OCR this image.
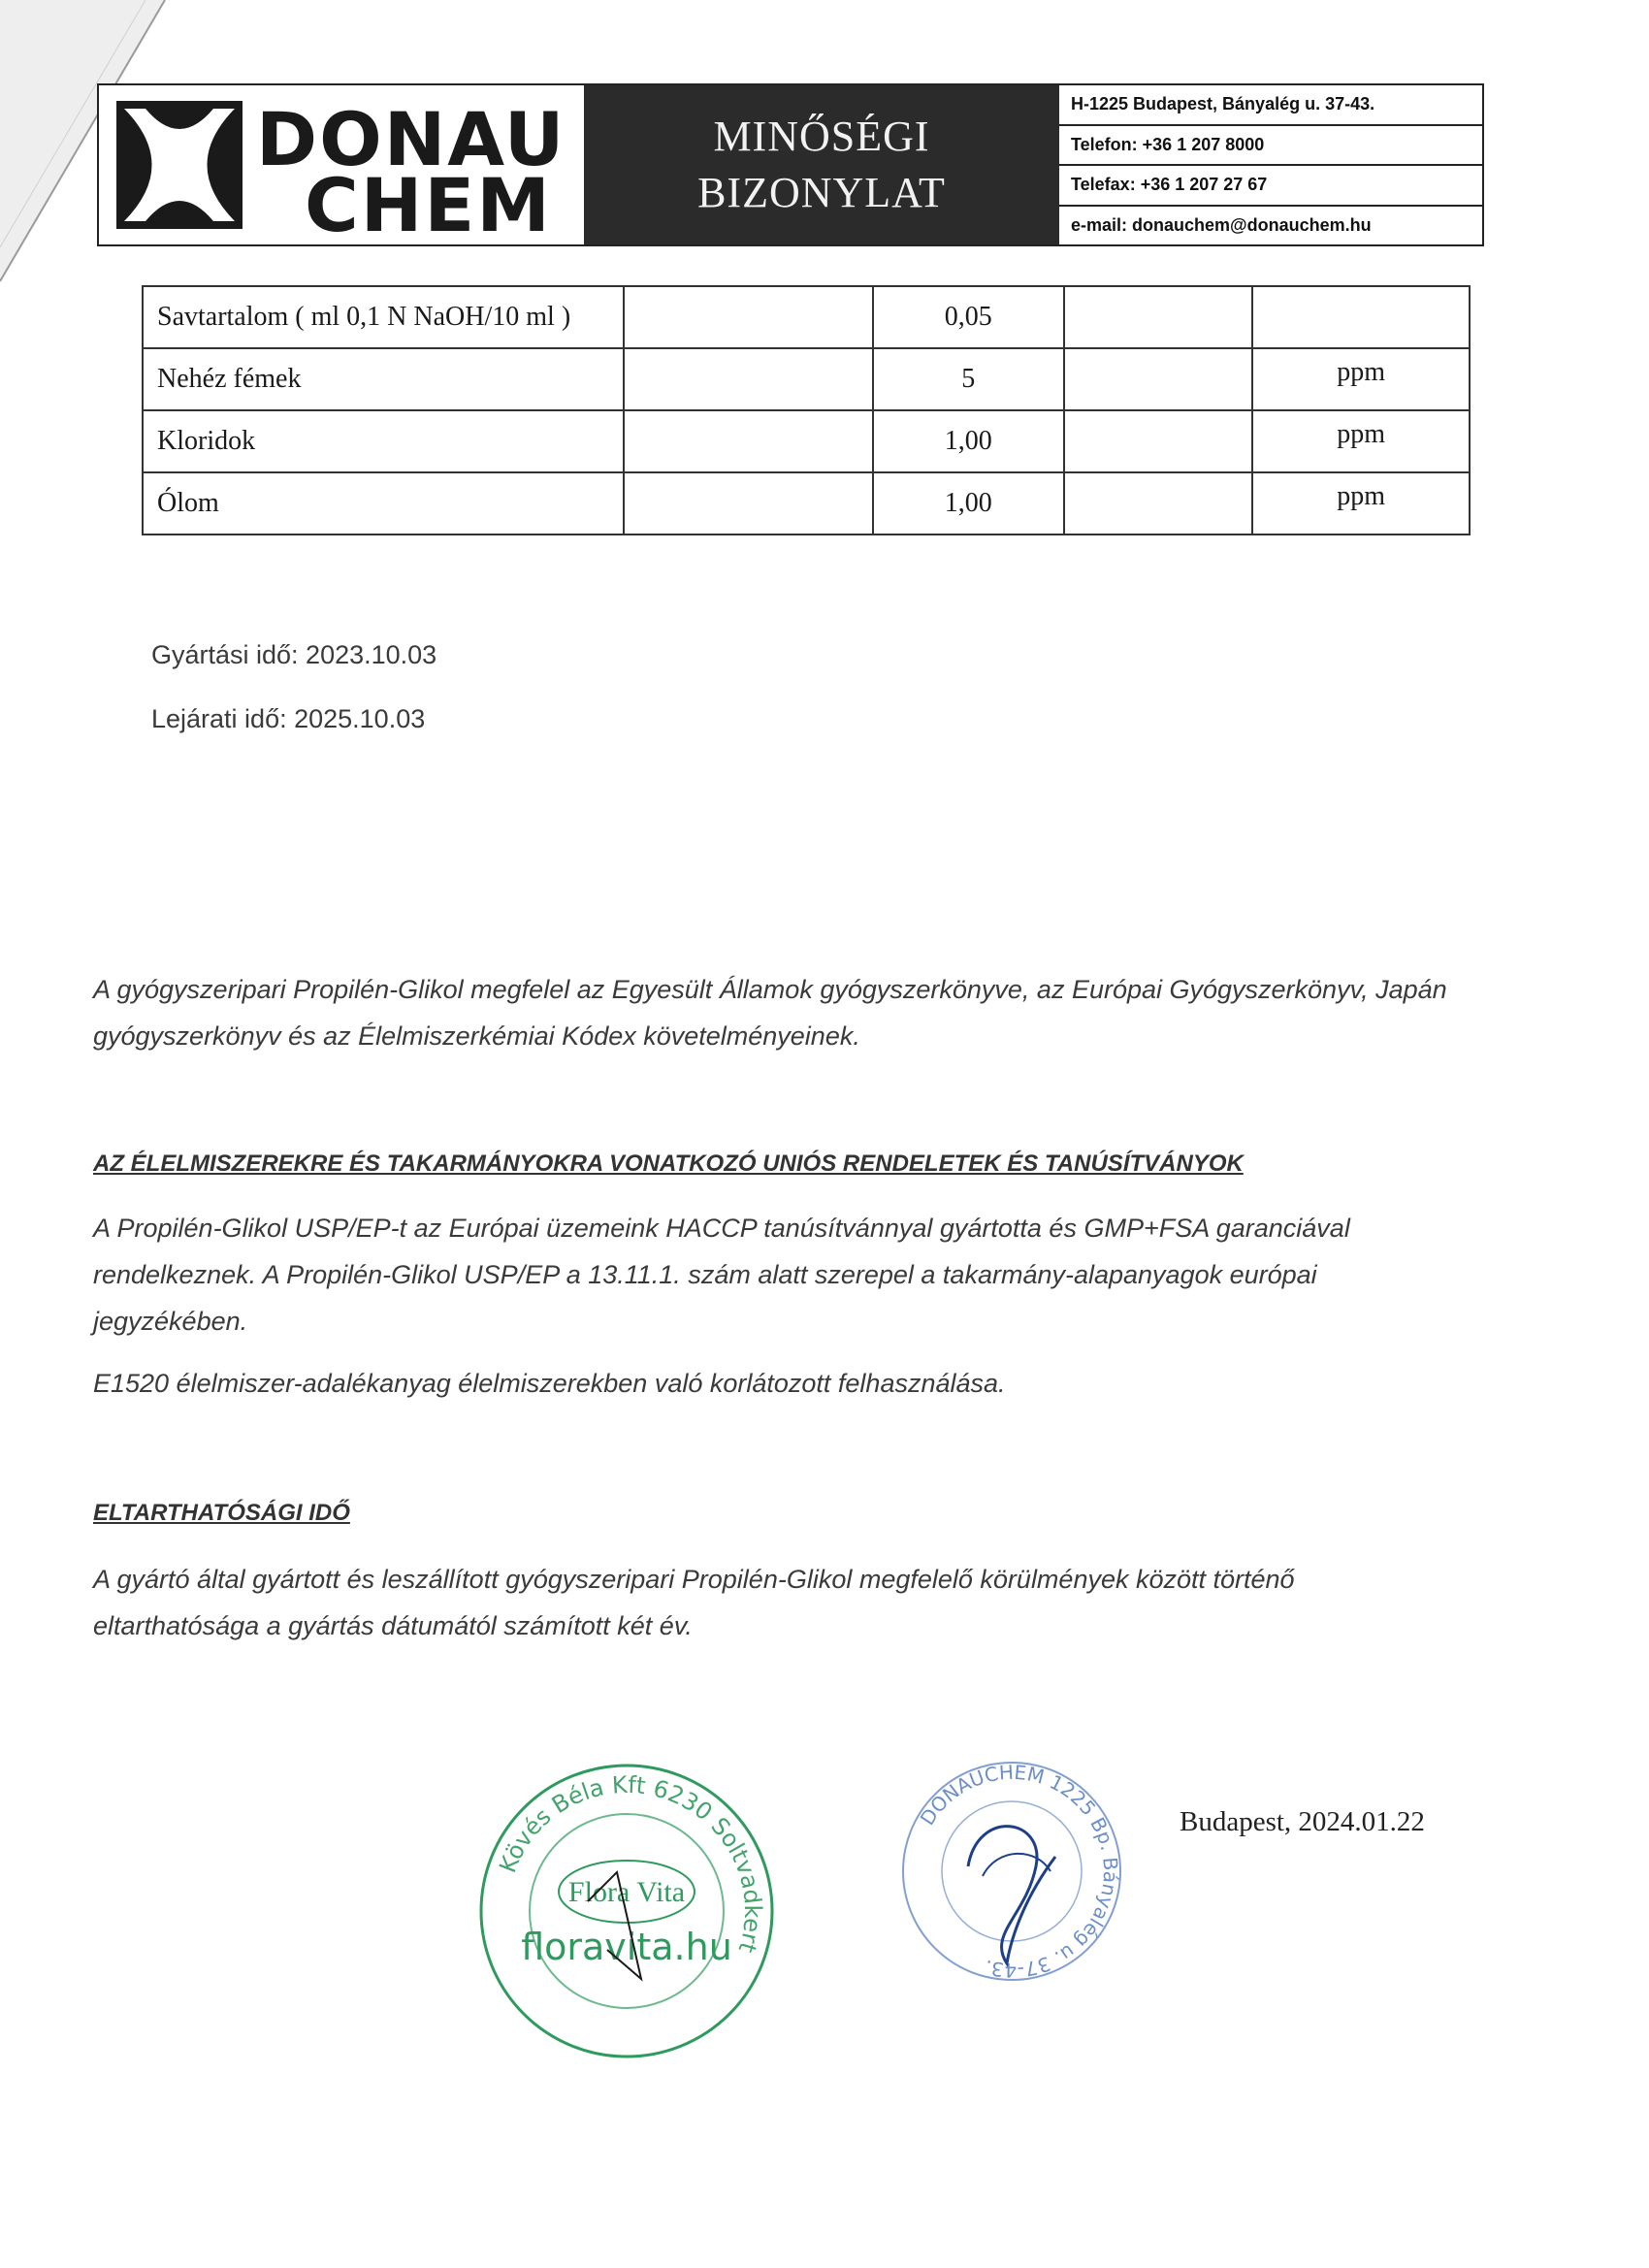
DONAU
CHEM
MINŐSÉGI
BIZONYLAT
H-1225 Budapest, Bányalég u. 37-43.
Telefon: +36 1 207 8000
Telefax: +36 1 207 27 67
e-mail: donauchem@donauchem.hu
Savtartalom ( ml 0,1 N NaOH/10 ml )		0,05		
Nehéz fémek		5		ppm
Kloridok		1,00		ppm
Ólom		1,00		ppm
Gyártási idő: 2023.10.03
Lejárati idő: 2025.10.03
A gyógyszeripari Propilén-Glikol megfelel az Egyesült Államok gyógyszerkönyve, az Európai Gyógyszerkönyv, Japán
gyógyszerkönyv és az Élelmiszerkémiai Kódex követelményeinek.
AZ ÉLELMISZEREKRE ÉS TAKARMÁNYOKRA VONATKOZÓ UNIÓS RENDELETEK ÉS TANÚSÍTVÁNYOK
A Propilén-Glikol USP/EP-t az Európai üzemeink HACCP tanúsítvánnyal gyártotta és GMP+FSA garanciával
rendelkeznek. A Propilén-Glikol USP/EP a 13.11.1. szám alatt szerepel a takarmány-alapanyagok európai
jegyzékében.
E1520 élelmiszer-adalékanyag élelmiszerekben való korlátozott felhasználása.
ELTARTHATÓSÁGI IDŐ
A gyártó által gyártott és leszállított gyógyszeripari Propilén-Glikol megfelelő körülmények között történő
eltarthatósága a gyártás dátumától számított két év.
Kövés Béla Kft 6230 Soltvadkert
Flora Vita
floravita.hu
DONAUCHEM 1225 Bp. Bányalég u. 37-43.
Budapest, 2024.01.22
